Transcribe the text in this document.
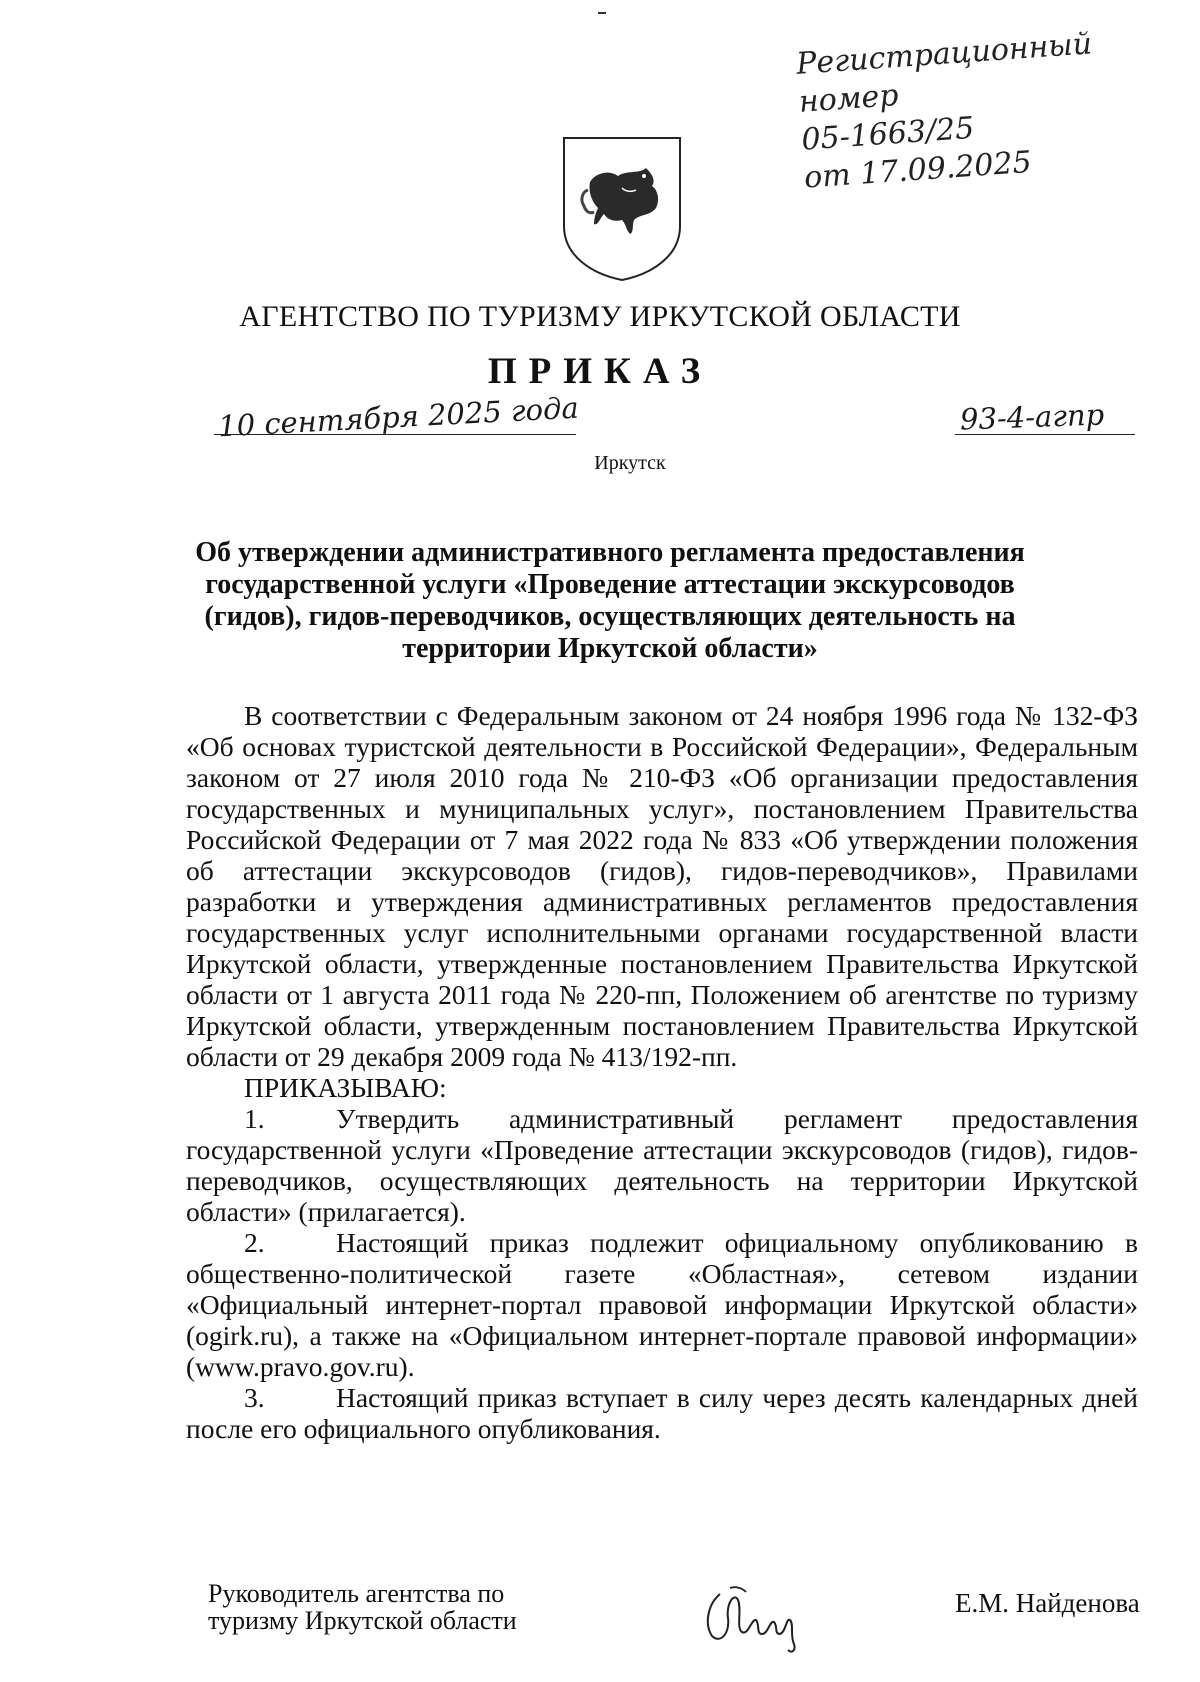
Регистрационный
номер
05-1663/25
от 17.09.2025
АГЕНТСТВО ПО ТУРИЗМУ ИРКУТСКОЙ ОБЛАСТИ
ПРИКАЗ
10 сентября 2025 года	93-4-агпр
Иркутск
Об утверждении административного регламента предоставления государственной услуги «Проведение аттестации экскурсоводов (гидов), гидов-переводчиков, осуществляющих деятельность на территории Иркутской области»

В соответствии с Федеральным законом от 24 ноября 1996 года № 132-ФЗ «Об основах туристской деятельности в Российской Федерации», Федеральным законом от 27 июля 2010 года № 210-ФЗ «Об организации предоставления государственных и муниципальных услуг», постановлением Правительства Российской Федерации от 7 мая 2022 года № 833 «Об утверждении положения об аттестации экскурсоводов (гидов), гидов-переводчиков», Правилами разработки и утверждения административных регламентов предоставления государственных услуг исполнительными органами государственной власти Иркутской области, утвержденные постановлением Правительства Иркутской области от 1 августа 2011 года № 220-пп, Положением об агентстве по туризму Иркутской области, утвержденным постановлением Правительства Иркутской области от 29 декабря 2009 года № 413/192-пп.

ПРИКАЗЫВАЮ:

1.	Утвердить административный регламент предоставления государственной услуги «Проведение аттестации экскурсоводов (гидов), гидов-переводчиков, осуществляющих деятельность на территории Иркутской области» (прилагается).

2.	Настоящий приказ подлежит официальному опубликованию в общественно-политической газете «Областная», сетевом издании «Официальный интернет-портал правовой информации Иркутской области» (ogirk.ru), а также на «Официальном интернет-портале правовой информации» (www.pravo.gov.ru).

3.	Настоящий приказ вступает в силу через десять календарных дней после его официального опубликования.

Руководитель агентства по
туризму Иркутской области
Е.М. Найденова
